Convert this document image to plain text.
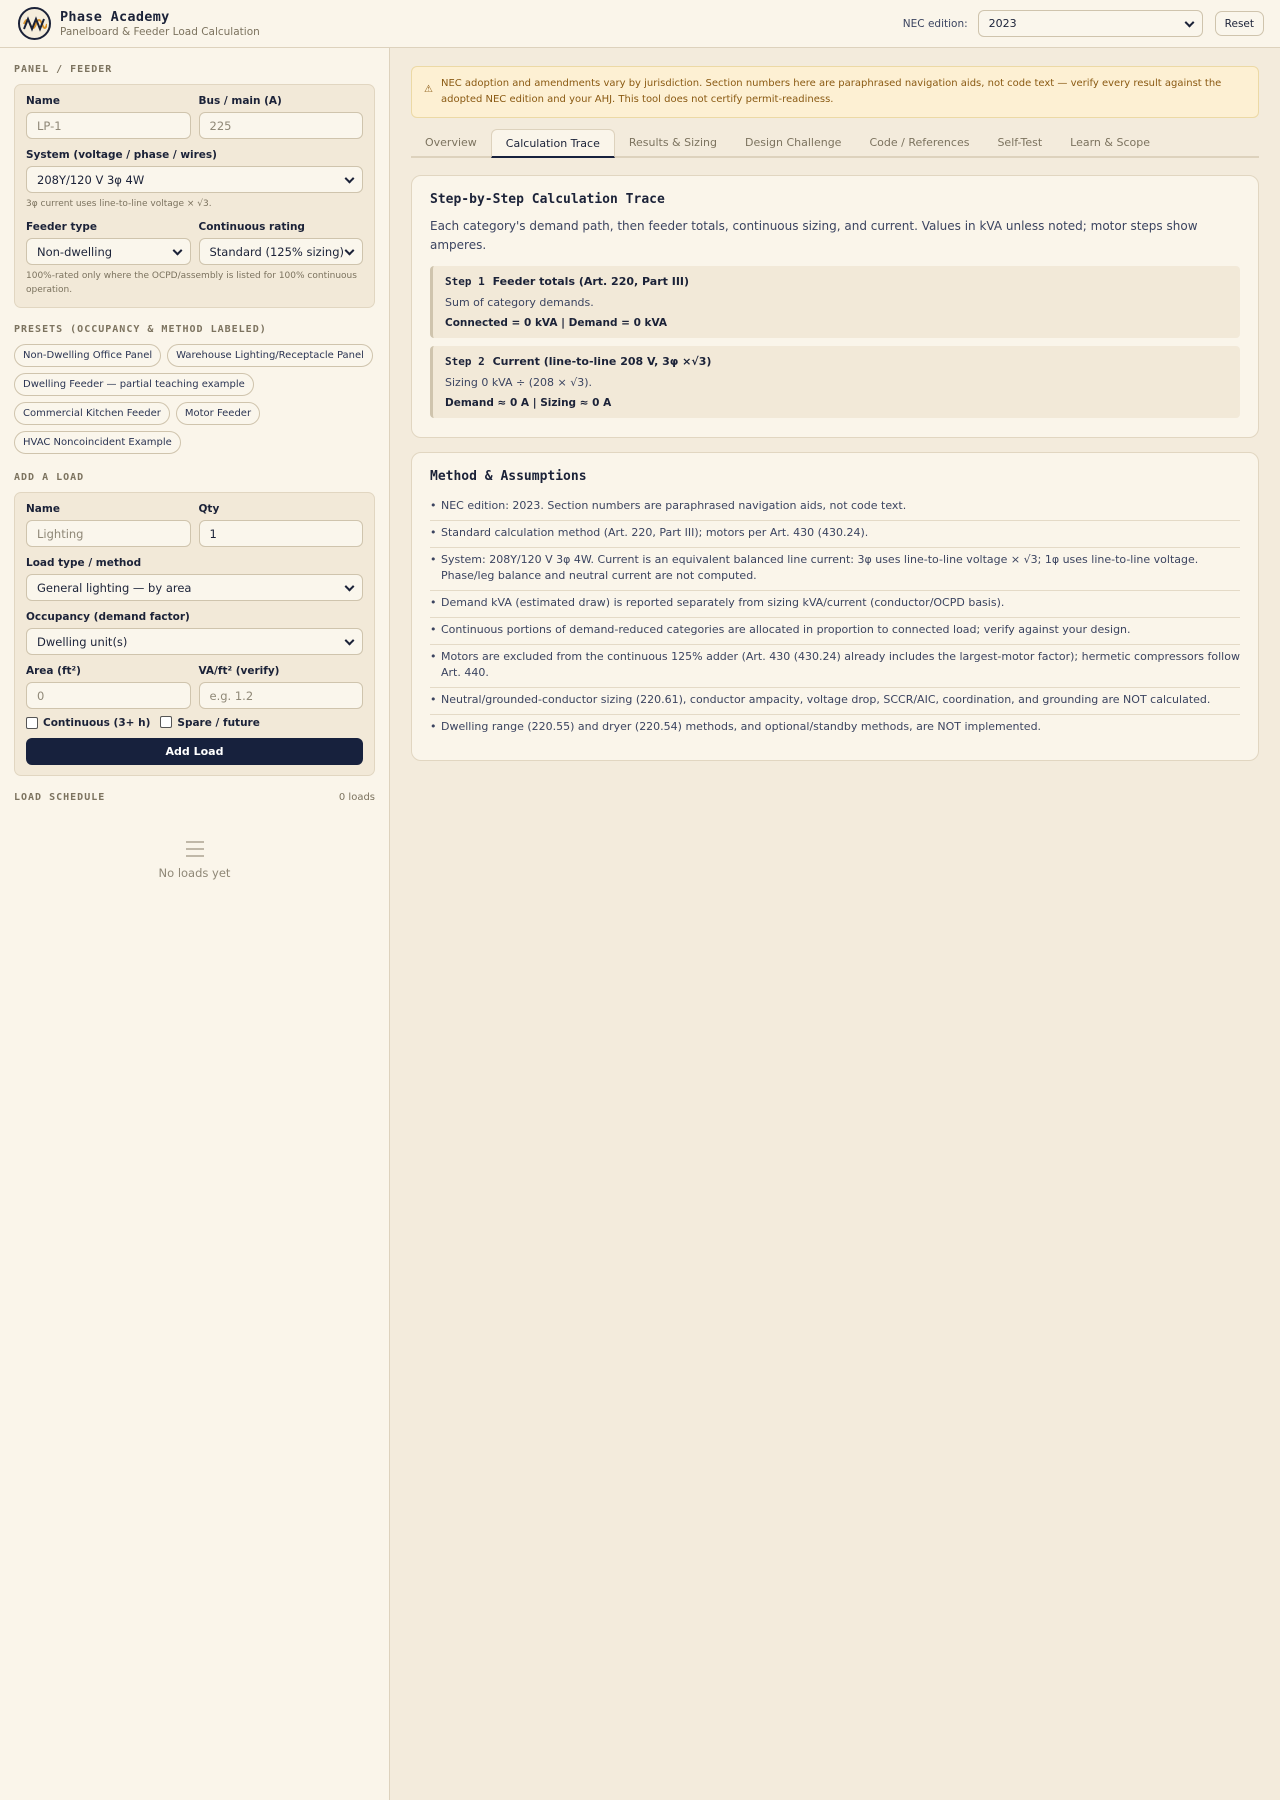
Phase Academy
Panelboard & Feeder Load Calculation
NEC edition: 2023	Reset
PANEL / FEEDER
Name
LP-1
Bus / main (A)
225
System (voltage / phase / wires)
208Y/120 V 3φ 4W
3φ current uses line-to-line voltage × √3.
Feeder type
Non-dwelling
Continuous rating
Standard (125% sizing)
100%-rated only where the OCPD/assembly is listed for 100% continuous operation.
PRESETS (OCCUPANCY & METHOD LABELED)
Non-Dwelling Office Panel	Warehouse Lighting/Receptacle Panel
Dwelling Feeder — partial teaching example
Commercial Kitchen Feeder	Motor Feeder
HVAC Noncoincident Example
ADD A LOAD
Name
Lighting
Qty
1
Load type / method
General lighting — by area
Occupancy (demand factor)
Dwelling unit(s)
Area (ft²)
0
VA/ft² (verify)
e.g. 1.2
Continuous (3+ h)	Spare / future
Add Load
LOAD SCHEDULE	0 loads
No loads yet
⚠
NEC adoption and amendments vary by jurisdiction. Section numbers here are paraphrased navigation aids, not code text — verify every result against the adopted NEC edition and your AHJ. This tool does not certify permit-readiness.
Overview	Calculation Trace	Results & Sizing	Design Challenge	Code / References	Self-Test	Learn & Scope
Step-by-Step Calculation Trace
Each category's demand path, then feeder totals, continuous sizing, and current. Values in kVA unless noted; motor steps show amperes.
Step 1 Feeder totals (Art. 220, Part III)
Sum of category demands.
Connected = 0 kVA | Demand = 0 kVA
Step 2 Current (line-to-line 208 V, 3φ ×√3)
Sizing 0 kVA ÷ (208 × √3).
Demand ≈ 0 A | Sizing ≈ 0 A
Method & Assumptions
• NEC edition: 2023. Section numbers are paraphrased navigation aids, not code text.
• Standard calculation method (Art. 220, Part III); motors per Art. 430 (430.24).
• System: 208Y/120 V 3φ 4W. Current is an equivalent balanced line current: 3φ uses line-to-line voltage × √3; 1φ uses line-to-line voltage. Phase/leg balance and neutral current are not computed.
• Demand kVA (estimated draw) is reported separately from sizing kVA/current (conductor/OCPD basis).
• Continuous portions of demand-reduced categories are allocated in proportion to connected load; verify against your design.
• Motors are excluded from the continuous 125% adder (Art. 430 (430.24) already includes the largest-motor factor); hermetic compressors follow Art. 440.
• Neutral/grounded-conductor sizing (220.61), conductor ampacity, voltage drop, SCCR/AIC, coordination, and grounding are NOT calculated.
• Dwelling range (220.55) and dryer (220.54) methods, and optional/standby methods, are NOT implemented.
